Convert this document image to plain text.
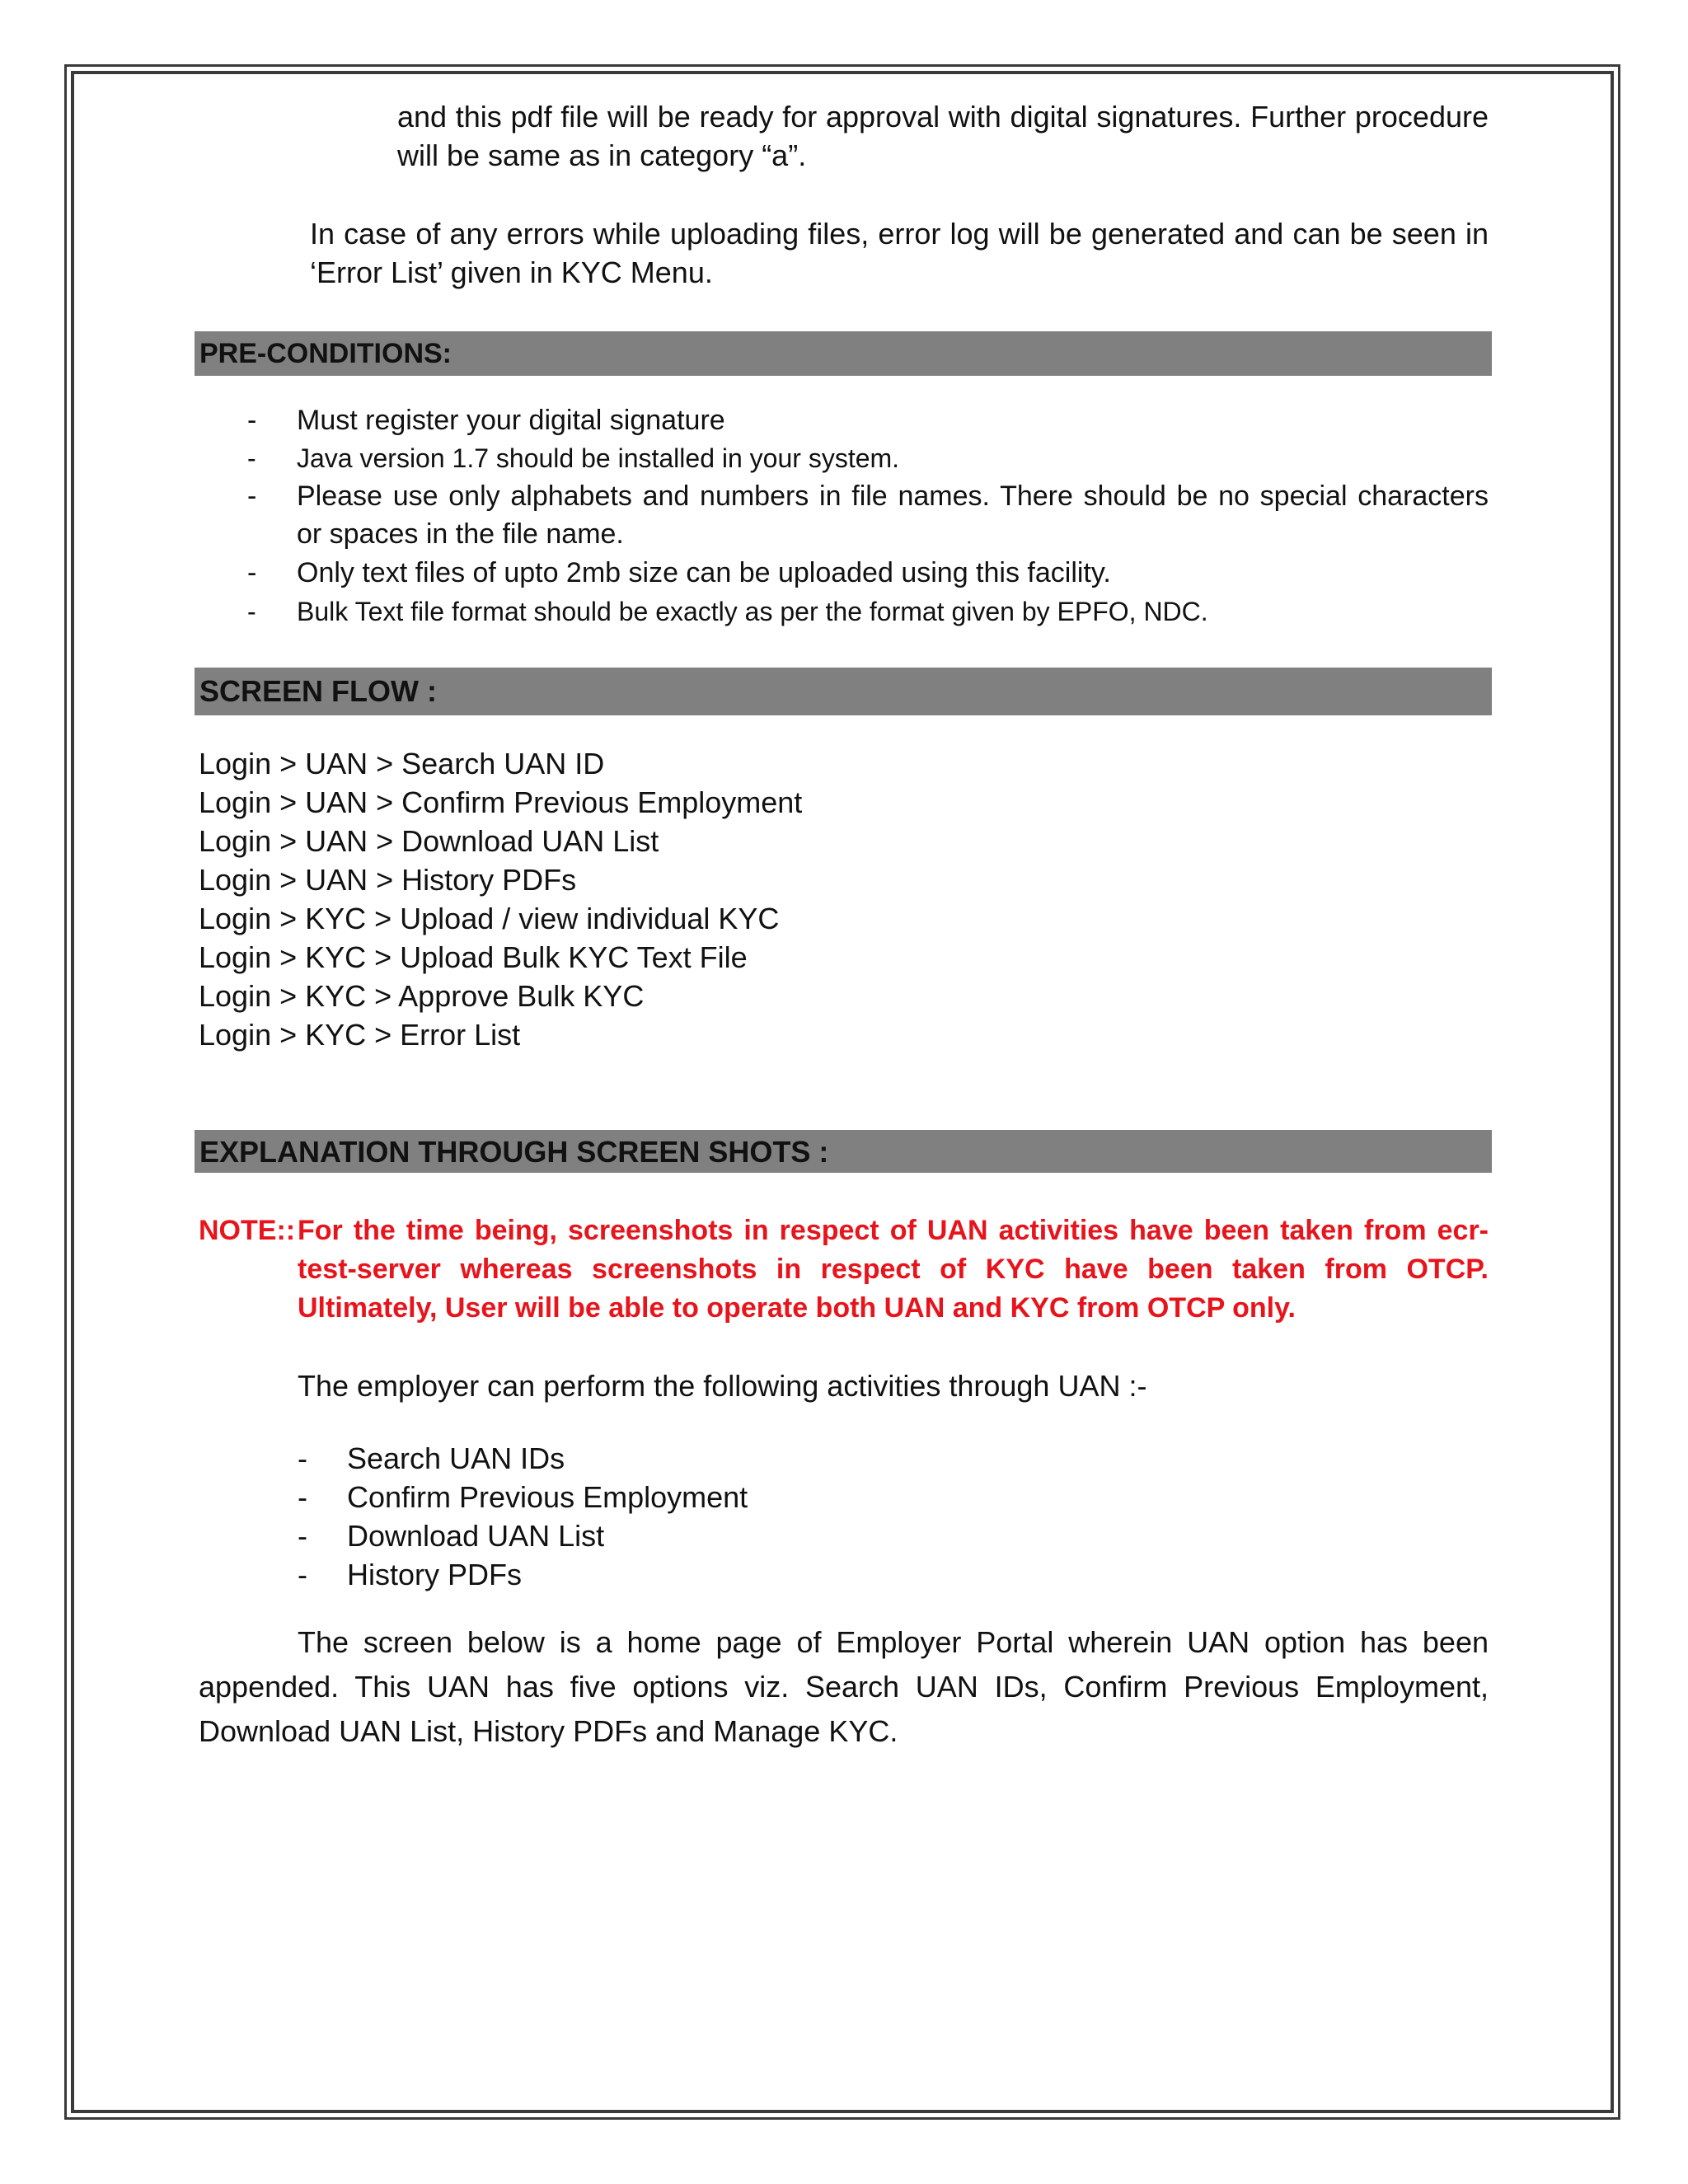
and this pdf file will be ready for approval with digital signatures. Further procedure will be same as in category “a”.
In case of any errors while uploading files, error log will be generated and can be seen in ‘Error List’ given in KYC Menu.
PRE-CONDITIONS:
- Must register your digital signature
- Java version 1.7 should be installed in your system.
- Please use only alphabets and numbers in file names. There should be no special characters
or spaces in the file name.
- Only text files of upto 2mb size can be uploaded using this facility.
- Bulk Text file format should be exactly as per the format given by EPFO, NDC.
SCREEN FLOW :
Login > UAN > Search UAN ID
Login > UAN > Confirm Previous Employment
Login > UAN > Download UAN List
Login > UAN > History PDFs
Login > KYC > Upload / view individual KYC
Login > KYC > Upload Bulk KYC Text File
Login > KYC > Approve Bulk KYC
Login > KYC > Error List
EXPLANATION THROUGH SCREEN SHOTS :
NOTE:: For the time being, screenshots in respect of UAN activities have been taken from ecr-test-server whereas screenshots in respect of KYC have been taken from OTCP. Ultimately, User will be able to operate both UAN and KYC from OTCP only.
The employer can perform the following activities through UAN :-
- Search UAN IDs
- Confirm Previous Employment
- Download UAN List
- History PDFs
The screen below is a home page of Employer Portal wherein UAN option has been appended. This UAN has five options viz. Search UAN IDs, Confirm Previous Employment, Download UAN List, History PDFs and Manage KYC.
